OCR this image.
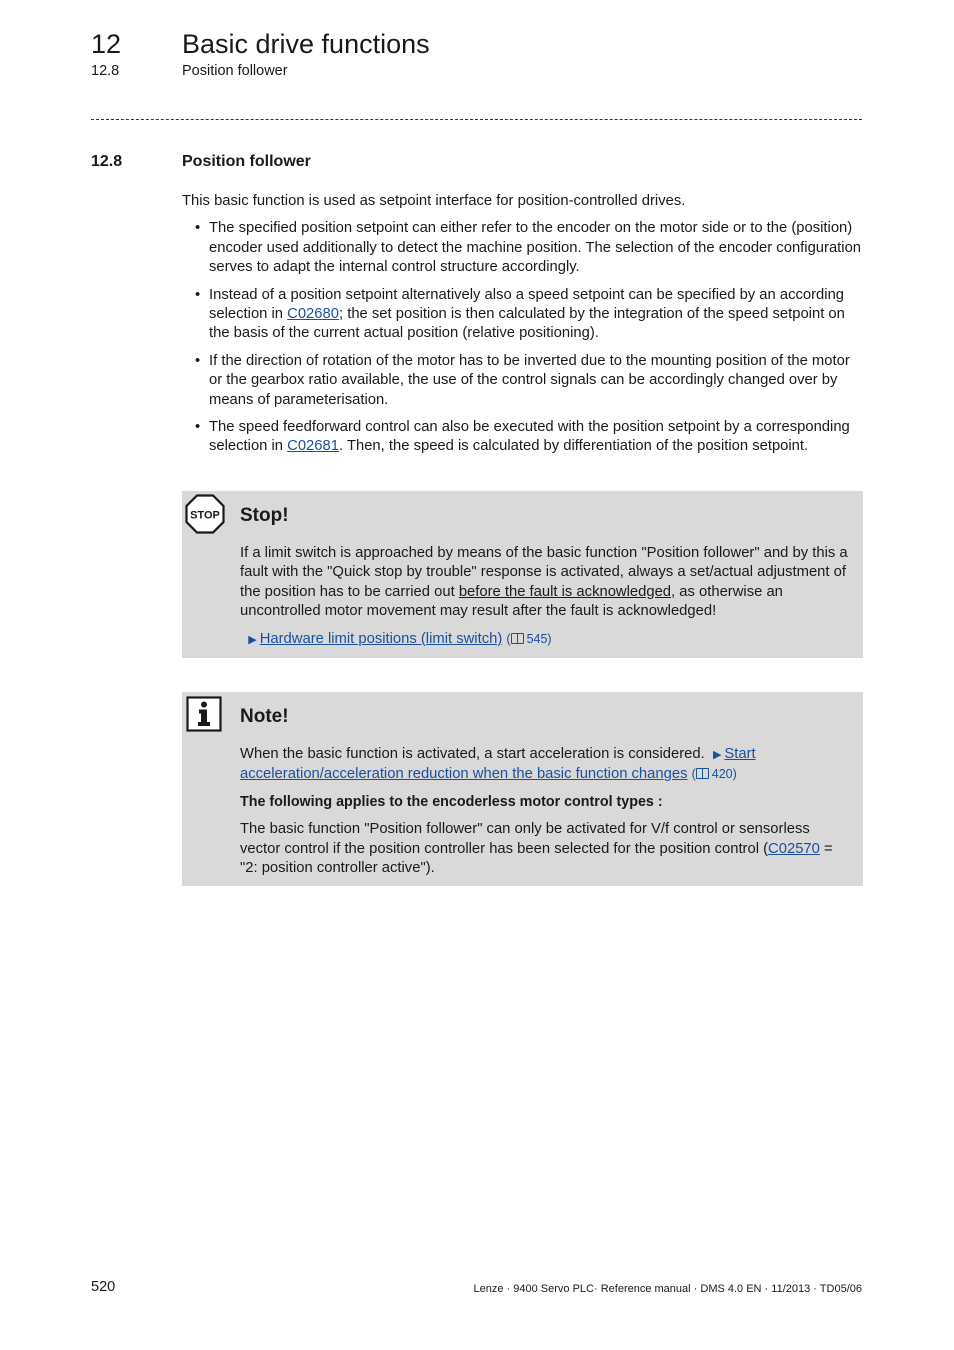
12 Basic drive functions
12.8	Position follower
12.8	Position follower

This basic function is used as setpoint interface for position-controlled drives.

• The specified position setpoint can either refer to the encoder on the motor side or to the (position) encoder used additionally to detect the machine position. The selection of the encoder configuration serves to adapt the internal control structure accordingly.
• Instead of a position setpoint alternatively also a speed setpoint can be specified by an according selection in C02680; the set position is then calculated by the integration of the speed setpoint on the basis of the current actual position (relative positioning).
• If the direction of rotation of the motor has to be inverted due to the mounting position of the motor or the gearbox ratio available, the use of the control signals can be accordingly changed over by means of parameterisation.
• The speed feedforward control can also be executed with the position setpoint by a corresponding selection in C02681. Then, the speed is calculated by differentiation of the position setpoint.
STOP Stop!

If a limit switch is approached by means of the basic function "Position follower" and by this a fault with the "Quick stop by trouble" response is activated, always a set/actual adjustment of the position has to be carried out before the fault is acknowledged, as otherwise an uncontrolled motor movement may result after the fault is acknowledged!

▶ Hardware limit positions (limit switch) ( 545)

Note!

When the basic function is activated, a start acceleration is considered. ▶ Start acceleration/acceleration reduction when the basic function changes ( 420)

The following applies to the encoderless motor control types :

The basic function "Position follower" can only be activated for V/f control or sensorless vector control if the position controller has been selected for the position control (C02570 = "2: position controller active").

520	Lenze · 9400 Servo PLC· Reference manual · DMS 4.0 EN · 11/2013 · TD05/06
